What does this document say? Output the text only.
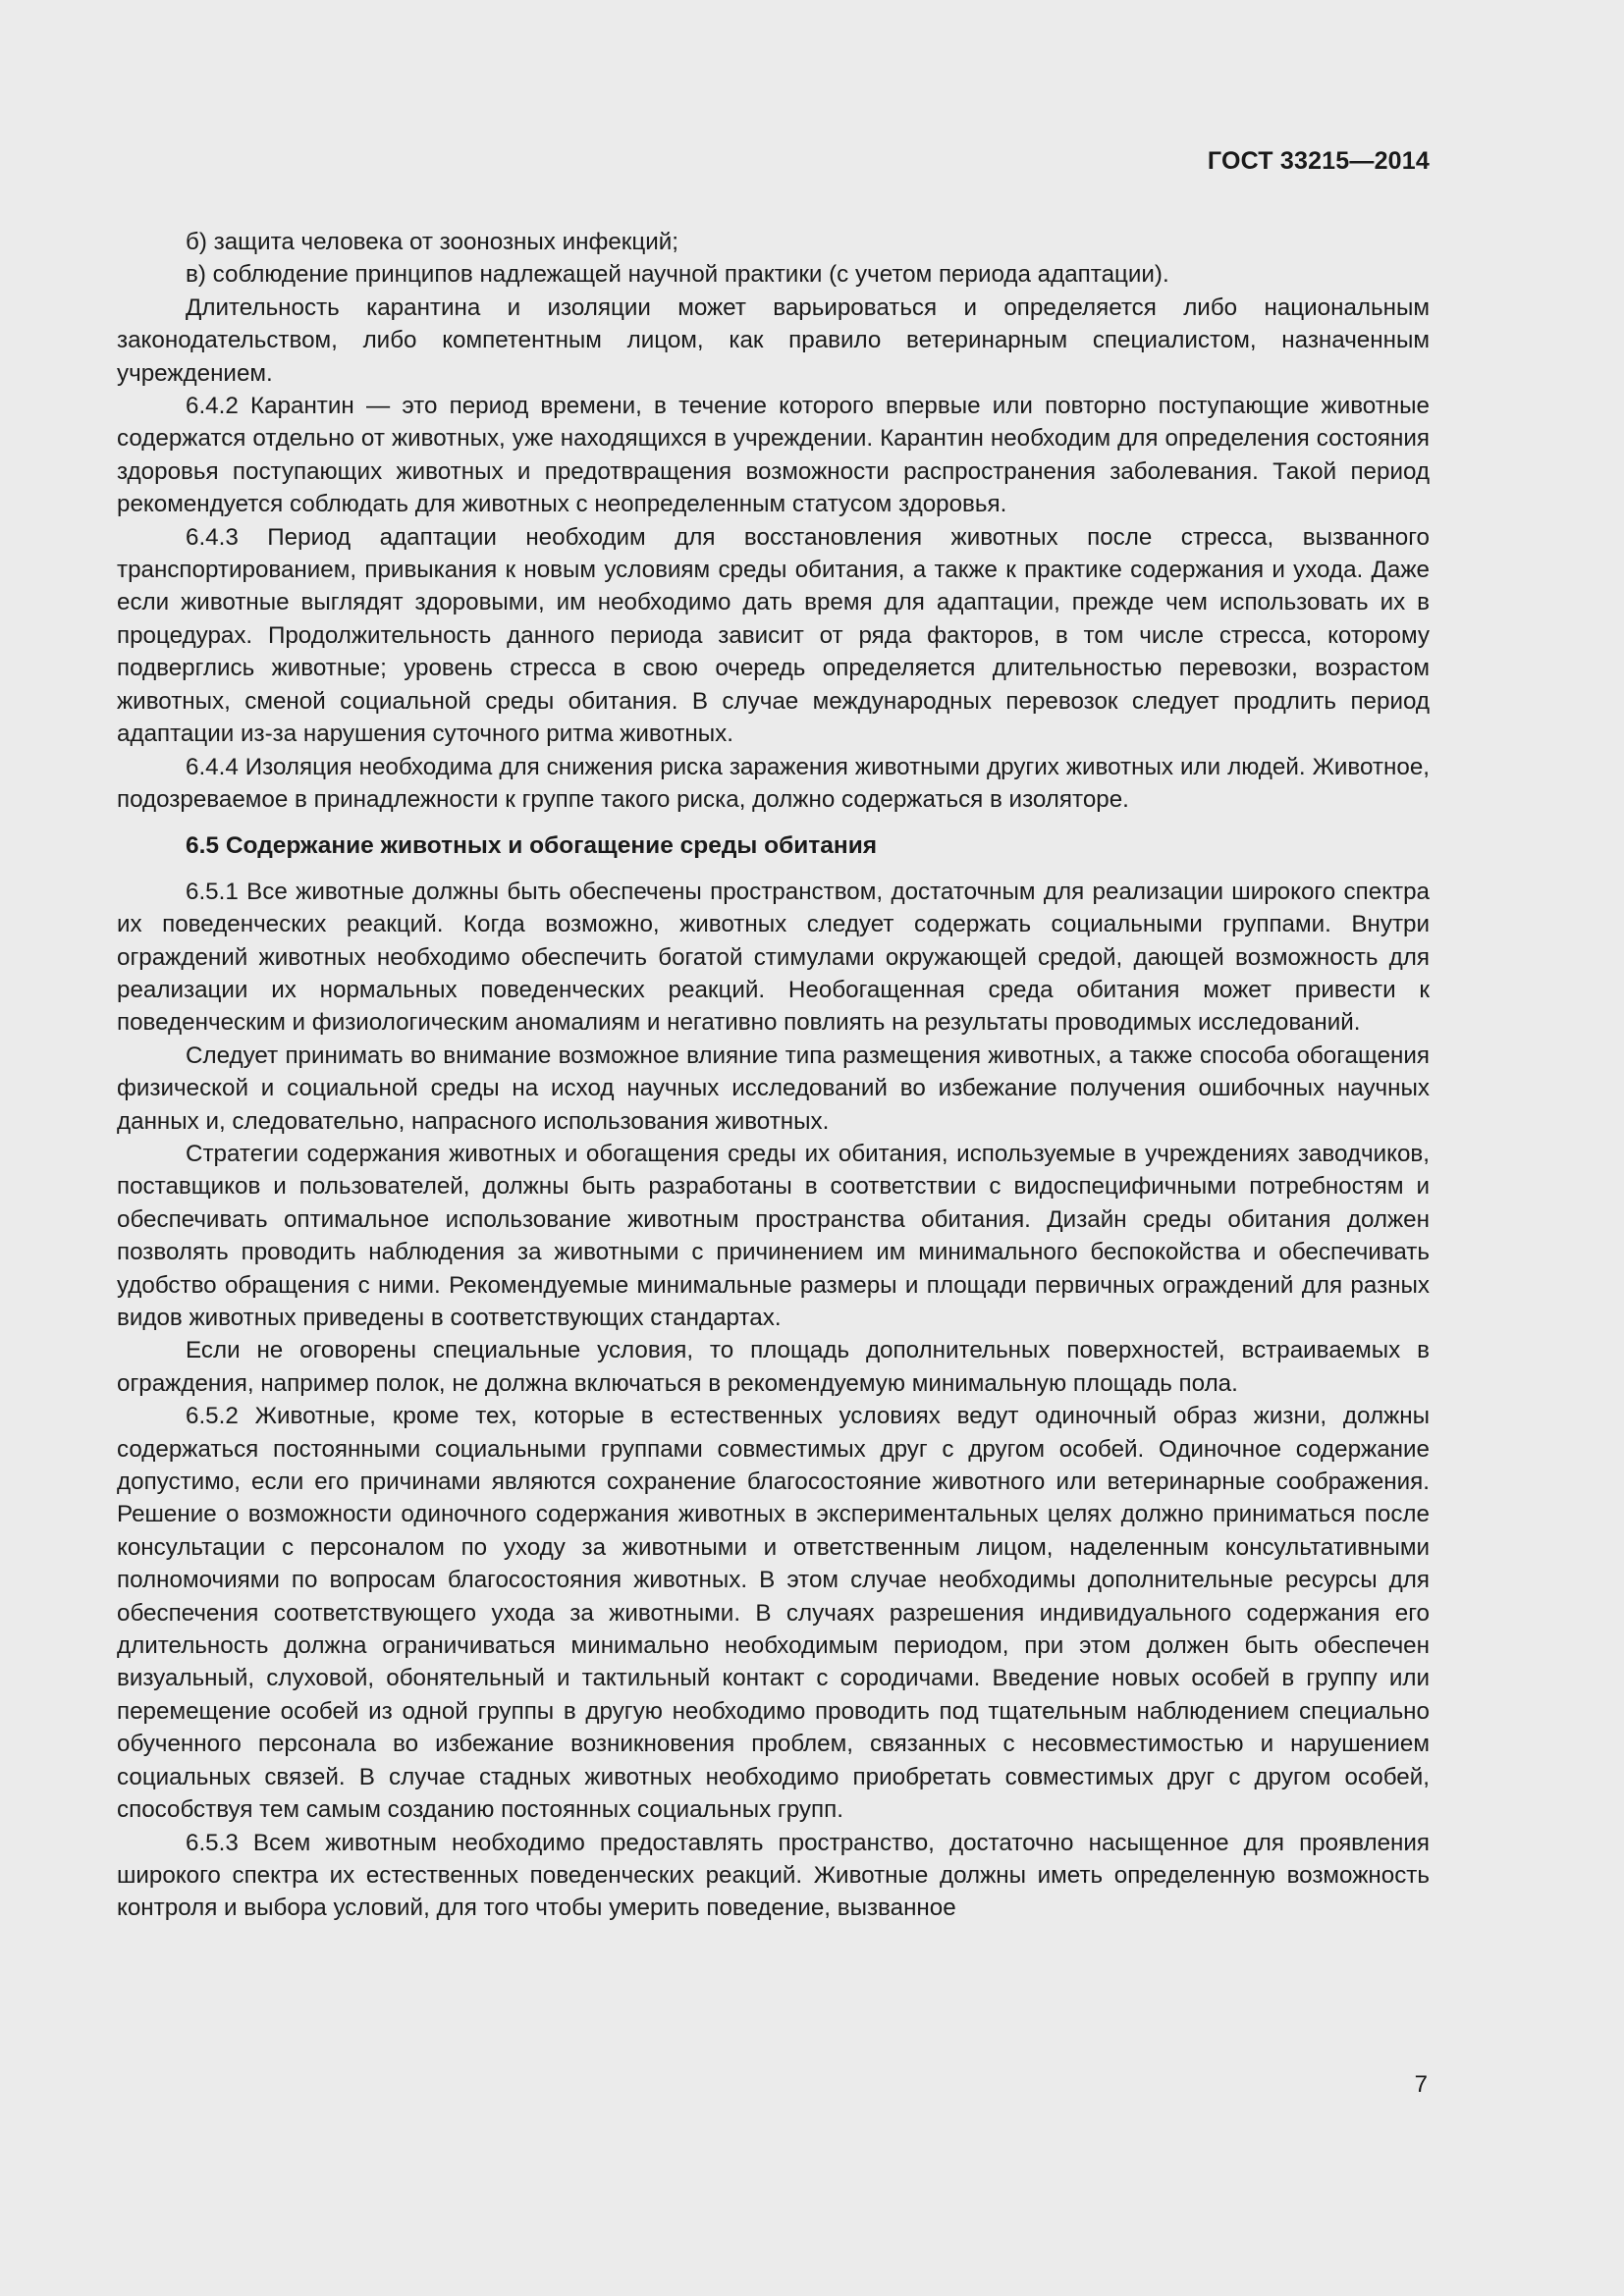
ГОСТ 33215—2014

б) защита человека от зоонозных инфекций;

в) соблюдение принципов надлежащей научной практики (с учетом периода адаптации).

Длительность карантина и изоляции может варьироваться и определяется либо национальным законодательством, либо компетентным лицом, как правило ветеринарным специалистом, назначенным учреждением.

6.4.2 Карантин — это период времени, в течение которого впервые или повторно поступающие животные содержатся отдельно от животных, уже находящихся в учреждении. Карантин необходим для определения состояния здоровья поступающих животных и предотвращения возможности распространения заболевания. Такой период рекомендуется соблюдать для животных с неопределенным статусом здоровья.

6.4.3 Период адаптации необходим для восстановления животных после стресса, вызванного транспортированием, привыкания к новым условиям среды обитания, а также к практике содержания и ухода. Даже если животные выглядят здоровыми, им необходимо дать время для адаптации, прежде чем использовать их в процедурах. Продолжительность данного периода зависит от ряда факторов, в том числе стресса, которому подверглись животные; уровень стресса в свою очередь определяется длительностью перевозки, возрастом животных, сменой социальной среды обитания. В случае международных перевозок следует продлить период адаптации из-за нарушения суточного ритма животных.

6.4.4 Изоляция необходима для снижения риска заражения животными других животных или людей. Животное, подозреваемое в принадлежности к группе такого риска, должно содержаться в изоляторе.

6.5 Содержание животных и обогащение среды обитания

6.5.1 Все животные должны быть обеспечены пространством, достаточным для реализации широкого спектра их поведенческих реакций. Когда возможно, животных следует содержать социальными группами. Внутри ограждений животных необходимо обеспечить богатой стимулами окружающей средой, дающей возможность для реализации их нормальных поведенческих реакций. Необогащенная среда обитания может привести к поведенческим и физиологическим аномалиям и негативно повлиять на результаты проводимых исследований.

Следует принимать во внимание возможное влияние типа размещения животных, а также способа обогащения физической и социальной среды на исход научных исследований во избежание получения ошибочных научных данных и, следовательно, напрасного использования животных.

Стратегии содержания животных и обогащения среды их обитания, используемые в учреждениях заводчиков, поставщиков и пользователей, должны быть разработаны в соответствии с видоспецифичными потребностям и обеспечивать оптимальное использование животным пространства обитания. Дизайн среды обитания должен позволять проводить наблюдения за животными с причинением им минимального беспокойства и обеспечивать удобство обращения с ними. Рекомендуемые минимальные размеры и площади первичных ограждений для разных видов животных приведены в соответствующих стандартах.

Если не оговорены специальные условия, то площадь дополнительных поверхностей, встраиваемых в ограждения, например полок, не должна включаться в рекомендуемую минимальную площадь пола.

6.5.2 Животные, кроме тех, которые в естественных условиях ведут одиночный образ жизни, должны содержаться постоянными социальными группами совместимых друг с другом особей. Одиночное содержание допустимо, если его причинами являются сохранение благосостояние животного или ветеринарные соображения. Решение о возможности одиночного содержания животных в экспериментальных целях должно приниматься после консультации с персоналом по уходу за животными и ответственным лицом, наделенным консультативными полномочиями по вопросам благосостояния животных. В этом случае необходимы дополнительные ресурсы для обеспечения соответствующего ухода за животными. В случаях разрешения индивидуального содержания его длительность должна ограничиваться минимально необходимым периодом, при этом должен быть обеспечен визуальный, слуховой, обонятельный и тактильный контакт с сородичами. Введение новых особей в группу или перемещение особей из одной группы в другую необходимо проводить под тщательным наблюдением специально обученного персонала во избежание возникновения проблем, связанных с несовместимостью и нарушением социальных связей. В случае стадных животных необходимо приобретать совместимых друг с другом особей, способствуя тем самым созданию постоянных социальных групп.

6.5.3 Всем животным необходимо предоставлять пространство, достаточно насыщенное для проявления широкого спектра их естественных поведенческих реакций. Животные должны иметь определенную возможность контроля и выбора условий, для того чтобы умерить поведение, вызванное

7
